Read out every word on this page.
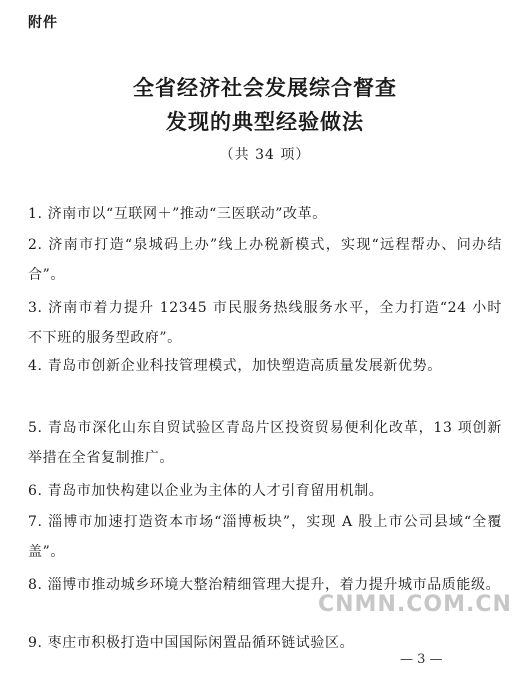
附件
全省经济社会发展综合督查
发现的典型经验做法
（共 34 项）
1. 济南市以“互联网＋”推动“三医联动”改革。
2. 济南市打造“泉城码上办”线上办税新模式，实现“远程帮办、问办结合”。
3. 济南市着力提升 12345 市民服务热线服务水平，全力打造“24 小时不下班的服务型政府”。
4. 青岛市创新企业科技管理模式，加快塑造高质量发展新优势。
5. 青岛市深化山东自贸试验区青岛片区投资贸易便利化改革，13 项创新举措在全省复制推广。
6. 青岛市加快构建以企业为主体的人才引育留用机制。
7. 淄博市加速打造资本市场“淄博板块”，实现 A 股上市公司县域“全覆盖”。
8. 淄博市推动城乡环境大整治精细管理大提升，着力提升城市品质能级。
9. 枣庄市积极打造中国国际闲置品循环链试验区。
CNMN.COM.CN
— 3 —
